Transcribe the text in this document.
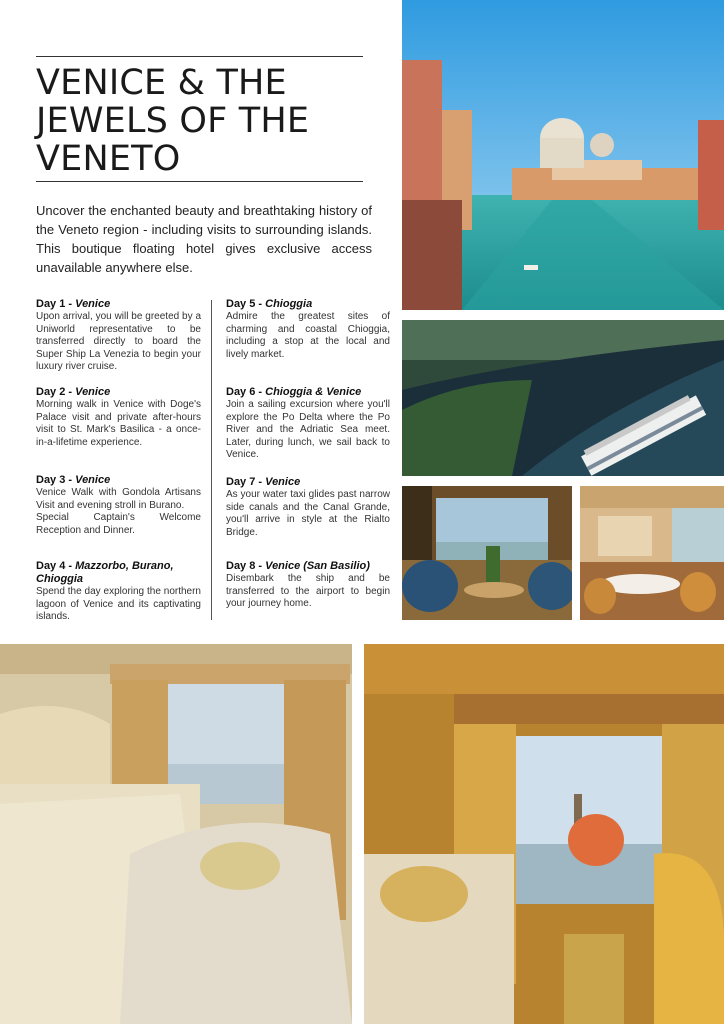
VENICE & THE
JEWELS OF THE
VENETO

Uncover the enchanted beauty and breathtaking history of the Veneto region - including visits to surrounding islands. This boutique floating hotel gives exclusive access unavailable anywhere else.

Day 1 - Venice

Upon arrival, you will be greeted by a Uniworld representative to be transferred directly to board the Super Ship La Venezia to begin your luxury river cruise.

Day 2 - Venice

Morning walk in Venice with Doge's Palace visit and private after-hours visit to St. Mark's Basilica - a once-in-a-lifetime experience.

Day 3 - Venice

Venice Walk with Gondola Artisans Visit and evening stroll in Burano.

Special Captain's Welcome Reception and Dinner.

Day 4 - Mazzorbo, Burano, Chioggia

Spend the day exploring the northern lagoon of Venice and its captivating islands.

Day 5 - Chioggia

Admire the greatest sites of charming and coastal Chioggia, including a stop at the local and lively market.

Day 6 - Chioggia & Venice

Join a sailing excursion where you'll explore the Po Delta where the Po River and the Adriatic Sea meet. Later, during lunch, we sail back to Venice.

Day 7 - Venice

As your water taxi glides past narrow side canals and the Canal Grande, you'll arrive in style at the Rialto Bridge.

Day 8 - Venice (San Basilio)

Disembark the ship and be transferred to the airport to begin your journey home.
